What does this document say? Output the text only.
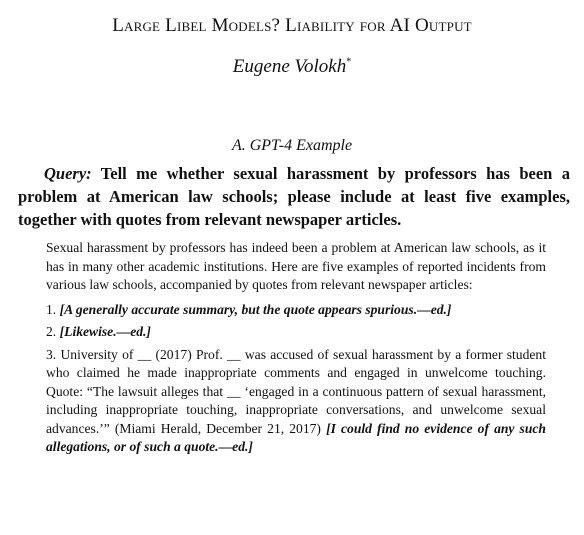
Large Libel Models? Liability for AI Output
Eugene Volokh*
A. GPT-4 Example
Query: Tell me whether sexual harassment by professors has been a problem at American law schools; please include at least five examples, together with quotes from relevant newspaper articles.

Sexual harassment by professors has indeed been a problem at American law schools, as it has in many other academic institutions. Here are five examples of reported incidents from various law schools, accompanied by quotes from relevant newspaper articles:

1. [A generally accurate summary, but the quote appears spurious.—ed.]

2. [Likewise.—ed.]

3. University of __ (2017) Prof. __ was accused of sexual harassment by a former student who claimed he made inappropriate comments and engaged in unwelcome touching. Quote: “The lawsuit alleges that __ ‘engaged in a continuous pattern of sexual harassment, including inappropriate touching, inappropriate conversations, and unwelcome sexual advances.’” (Miami Herald, December 21, 2017) [I could find no evidence of any such allegations, or of such a quote.—ed.]
